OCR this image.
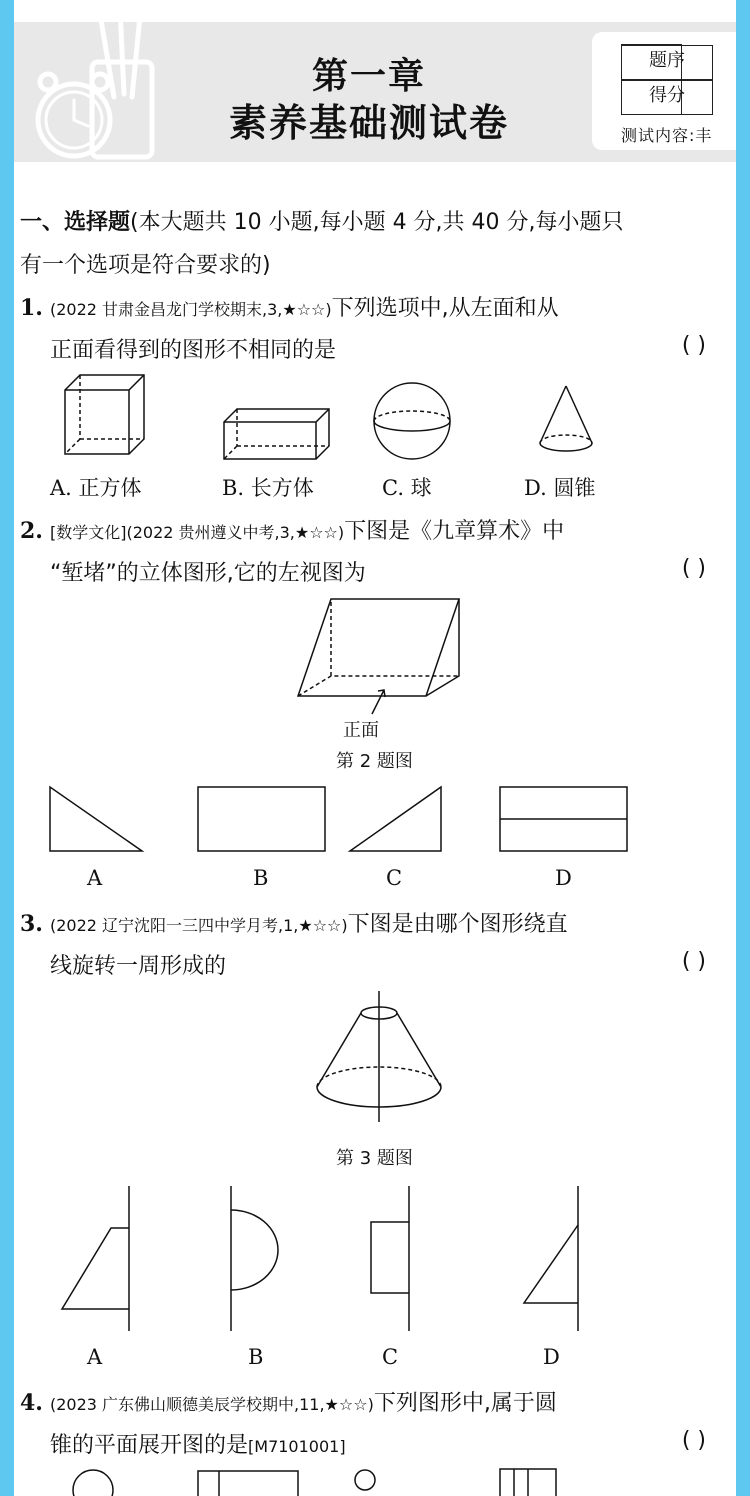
第一章
素养基础测试卷
题序

得分
测试内容:丰
一、选择题(本大题共 10 小题,每小题 4 分,共 40 分,每小题只
有一个选项是符合要求的)
1. (2022 甘肃金昌龙门学校期末,3,★☆☆)下列选项中,从左面和从
正面看得到的图形不相同的是	( )
A. 正方体	B. 长方体	C. 球	D. 圆锥
2. [数学文化](2022 贵州遵义中考,3,★☆☆)下图是《九章算术》中
“堑堵”的立体图形,它的左视图为	( )
正面
第 2 题图
A	B	C	D
3. (2022 辽宁沈阳一三四中学月考,1,★☆☆)下图是由哪个图形绕直
线旋转一周形成的	( )
第 3 题图
A	B	C	D
4. (2023 广东佛山顺德美辰学校期中,11,★☆☆)下列图形中,属于圆
锥的平面展开图的是[M7101001]	( )
